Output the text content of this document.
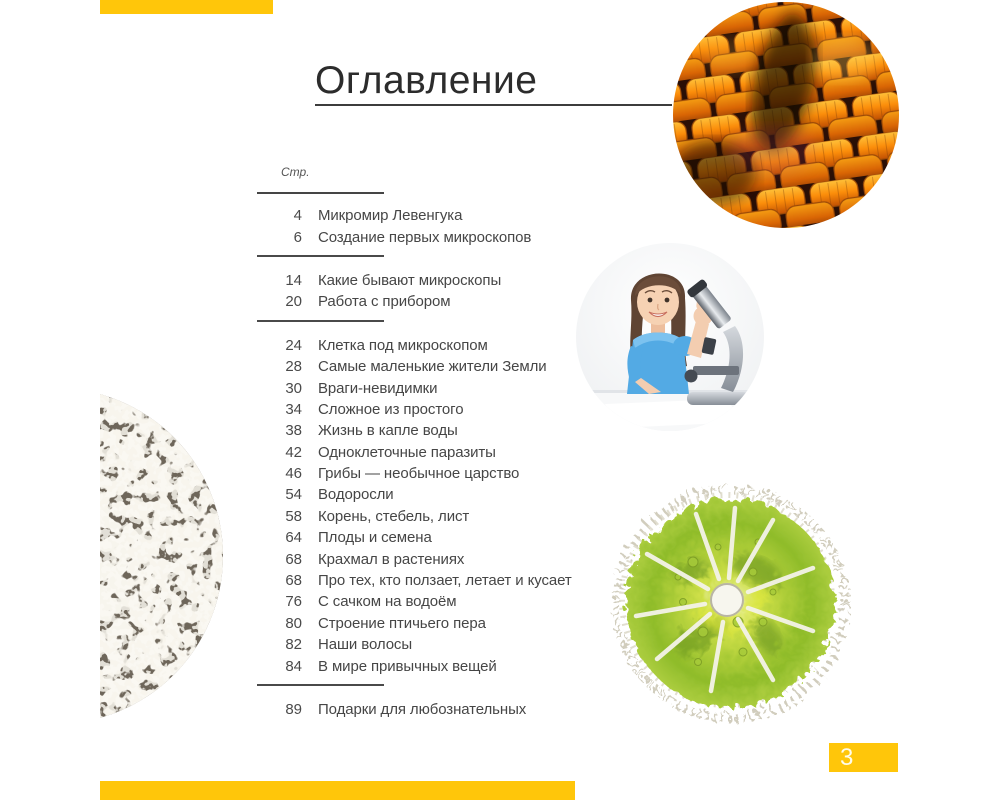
Оглавление
Стр.
4 Микромир Левенгука
6 Создание первых микроскопов
14 Какие бывают микроскопы
20 Работа с прибором
24 Клетка под микроскопом
28 Самые маленькие жители Земли
30 Враги-невидимки
34 Сложное из простого
38 Жизнь в капле воды
42 Одноклеточные паразиты
46 Грибы — необычное царство
54 Водоросли
58 Корень, стебель, лист
64 Плоды и семена
68 Крахмал в растениях
68 Про тех, кто ползает, летает и кусает
76 С сачком на водоём
80 Строение птичьего пера
82 Наши волосы
84 В мире привычных вещей
89 Подарки для любознательных
3
